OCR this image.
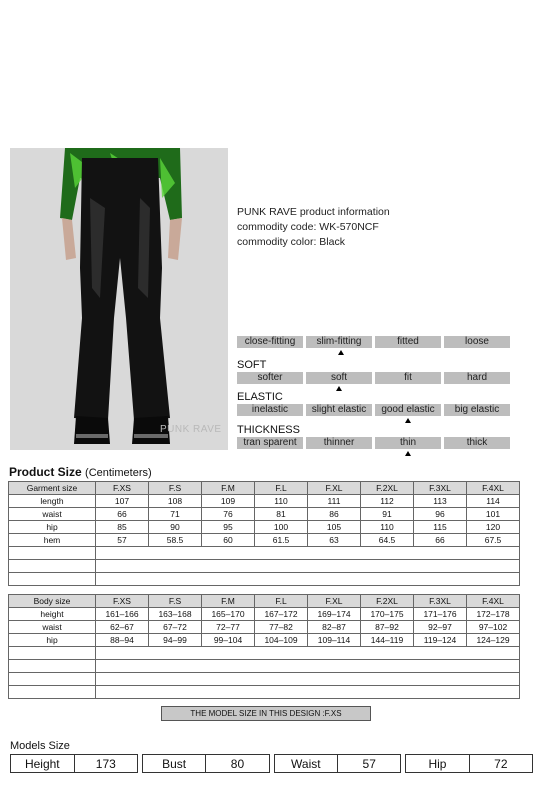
PUNK RAVE
PUNK RAVE product information
commodity code: WK-570NCF
commodity color: Black
close-fitting	slim-fitting	fitted	loose
SOFT
softer	soft	fit	hard
ELASTIC
inelastic	slight elastic	good elastic	big elastic
THICKNESS
tran sparent	thinner	thin	thick
Product Size (Centimeters)
Garment size	F.XS	F.S	F.M	F.L	F.XL	F.2XL	F.3XL	F.4XL
length	107	108	109	110	111	112	113	114
waist	66	71	76	81	86	91	96	101
hip	85	90	95	100	105	110	115	120
hem	57	58.5	60	61.5	63	64.5	66	67.5

Body size	F.XS	F.S	F.M	F.L	F.XL	F.2XL	F.3XL	F.4XL
height	161–166	163–168	165–170	167–172	169–174	170–175	171–176	172–178
waist	62–67	67–72	72–77	77–82	82–87	87–92	92–97	97–102
hip	88–94	94–99	99–104	104–109	109–114	144–119	119–124	124–129

THE MODEL SIZE IN THIS DESIGN :F.XS
Models Size
Height	173		Bust	80		Waist	57		Hip	72
